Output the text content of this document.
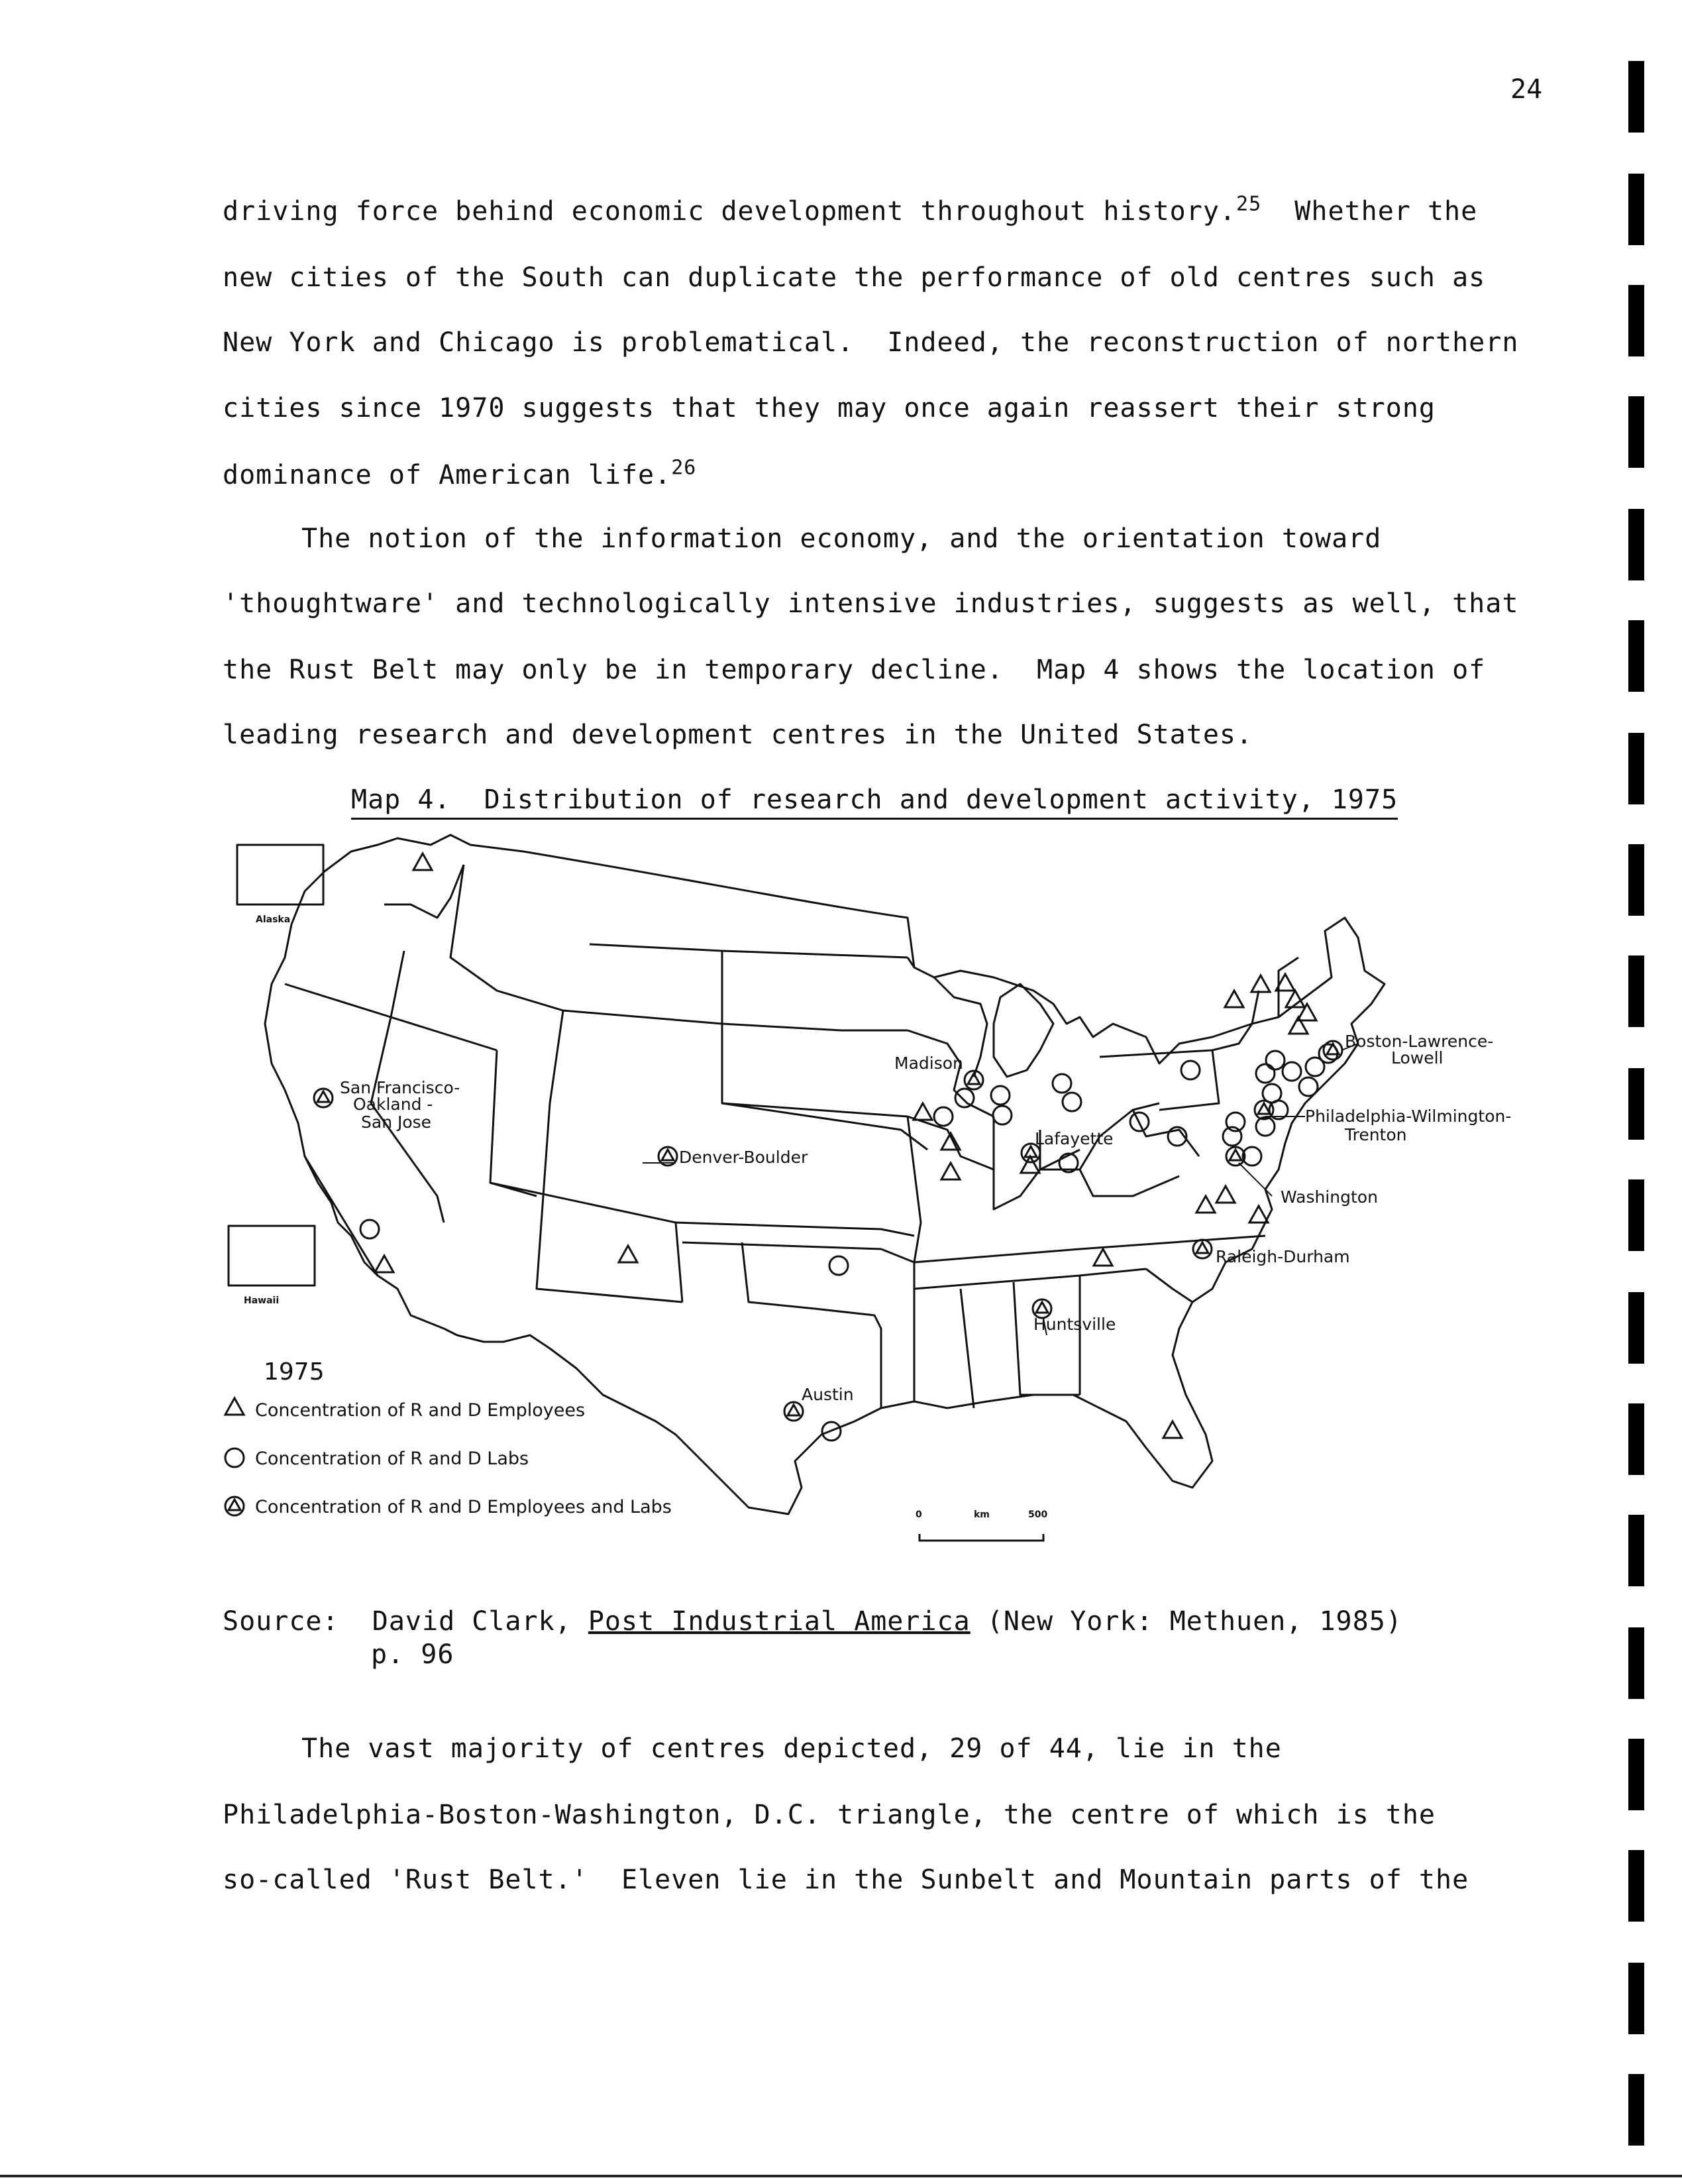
24
driving force behind economic development throughout history.$^{25}$  Whether the
new cities of the South can duplicate the performance of old centres such as
New York and Chicago is problematical.  Indeed, the reconstruction of northern
cities since 1970 suggests that they may once again reassert their strong
dominance of American life.$^{26}$
The notion of the information economy, and the orientation toward
'thoughtware' and technologically intensive industries, suggests as well, that
the Rust Belt may only be in temporary decline.  Map 4 shows the location of
leading research and development centres in the United States.
Map 4.  Distribution of research and development activity, 1975
Alaska
Hawaii
San Francisco-
Oakland -
San Jose
Denver-Boulder
Madison
Lafayette
Boston-Lawrence-
Lowell
Philadelphia-Wilmington-
Trenton
Washington
Raleigh-Durham
Huntsville
Austin
1975
Concentration of R and D Employees
Concentration of R and D Labs
Concentration of R and D Employees and Labs	0	km	500
Source: David Clark, Post Industrial America (New York: Methuen, 1985)
p. 96
The vast majority of centres depicted, 29 of 44, lie in the
Philadelphia-Boston-Washington, D.C. triangle, the centre of which is the
so-called 'Rust Belt.'  Eleven lie in the Sunbelt and Mountain parts of the
